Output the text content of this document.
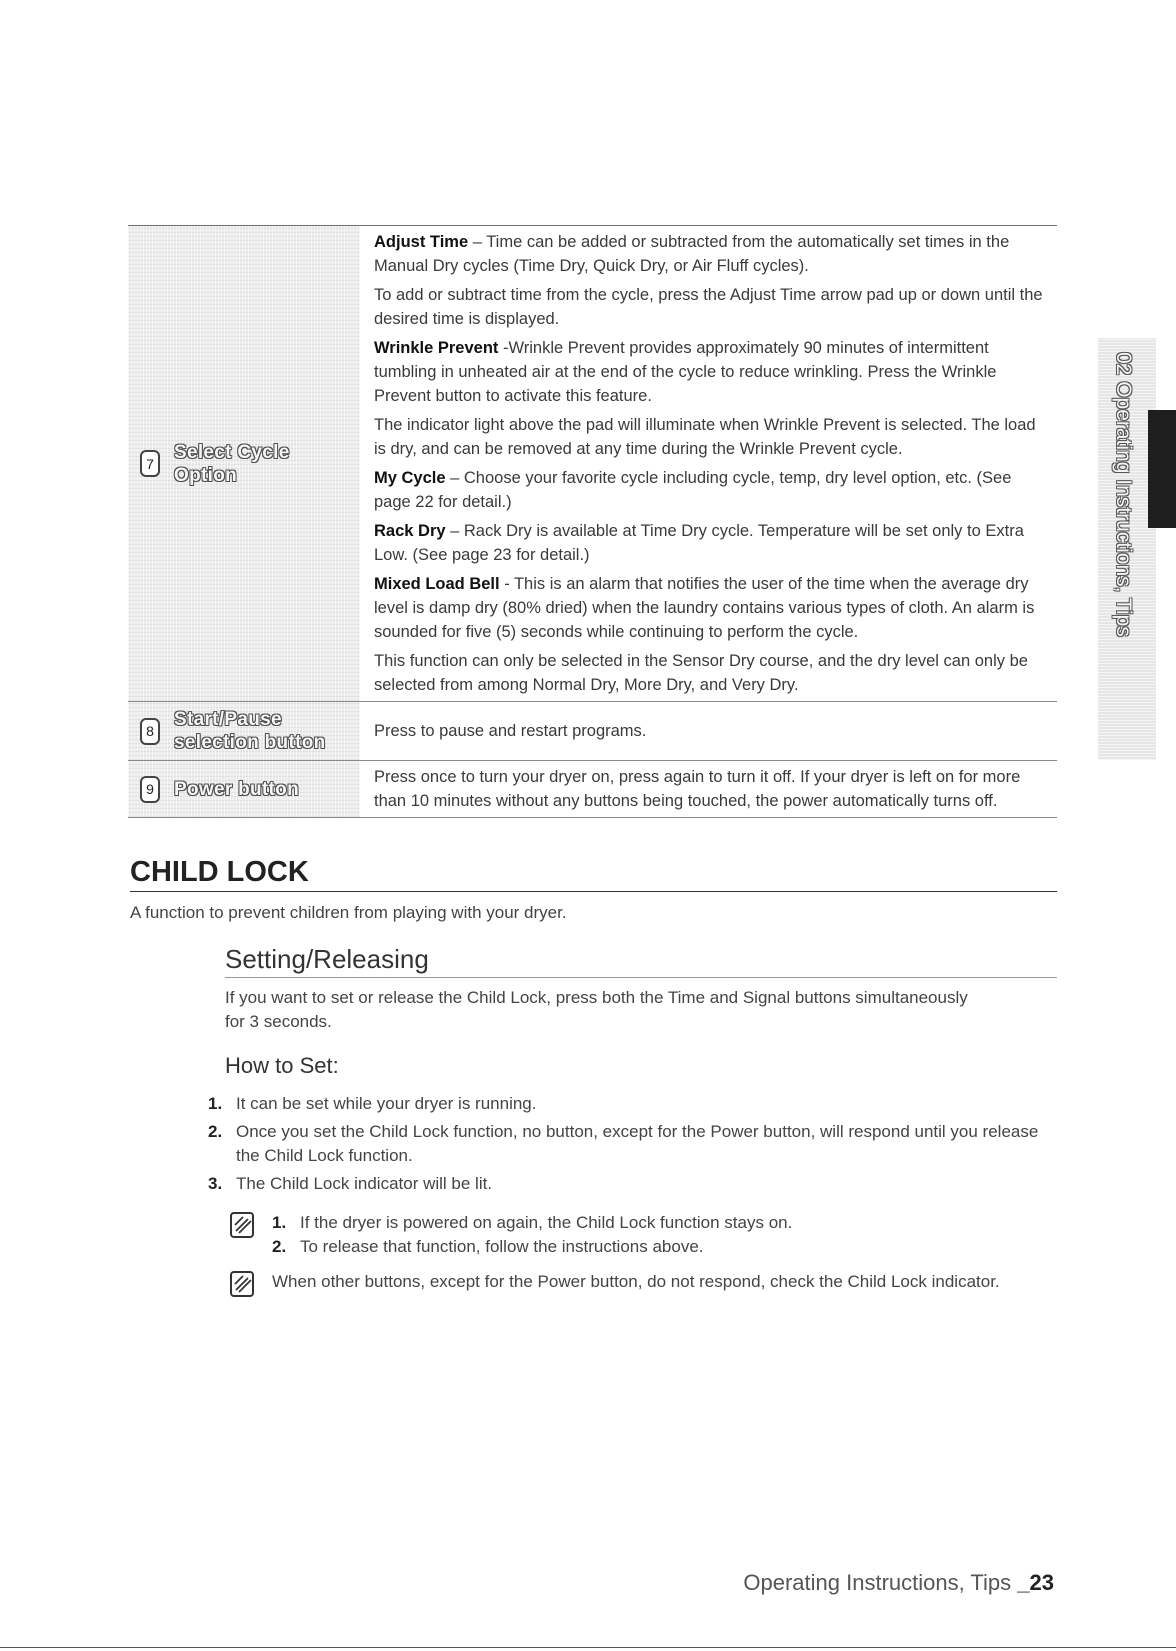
7
Select Cycle
Option

Adjust Time – Time can be added or subtracted from the automatically set times in the Manual Dry cycles (Time Dry, Quick Dry, or Air Fluff cycles).

To add or subtract time from the cycle, press the Adjust Time arrow pad up or down until the desired time is displayed.

Wrinkle Prevent -Wrinkle Prevent provides approximately 90 minutes of intermittent tumbling in unheated air at the end of the cycle to reduce wrinkling. Press the Wrinkle Prevent button to activate this feature.

The indicator light above the pad will illuminate when Wrinkle Prevent is selected. The load is dry, and can be removed at any time during the Wrinkle Prevent cycle.

My Cycle – Choose your favorite cycle including cycle, temp, dry level option, etc. (See page 22 for detail.)

Rack Dry – Rack Dry is available at Time Dry cycle. Temperature will be set only to Extra Low. (See page 23 for detail.)

Mixed Load Bell - This is an alarm that notifies the user of the time when the average dry level is damp dry (80% dried) when the laundry contains various types of cloth. An alarm is sounded for five (5) seconds while continuing to perform the cycle.

This function can only be selected in the Sensor Dry course, and the dry level can only be selected from among Normal Dry, More Dry, and Very Dry.

8
Start/Pause
selection button

Press to pause and restart programs.

9	Power button

Press once to turn your dryer on, press again to turn it off. If your dryer is left on for more than 10 minutes without any buttons being touched, the power automatically turns off.

02 Operating Instructions, Tips
CHILD LOCK
A function to prevent children from playing with your dryer.
Setting/Releasing
If you want to set or release the Child Lock, press both the Time and Signal buttons simultaneously for 3 seconds.
How to Set:
1. It can be set while your dryer is running.
2. Once you set the Child Lock function, no button, except for the Power button, will respond until you release the Child Lock function.
3. The Child Lock indicator will be lit.
1. If the dryer is powered on again, the Child Lock function stays on.
2. To release that function, follow the instructions above.
When other buttons, except for the Power button, do not respond, check the Child Lock indicator.
Operating Instructions, Tips _23
